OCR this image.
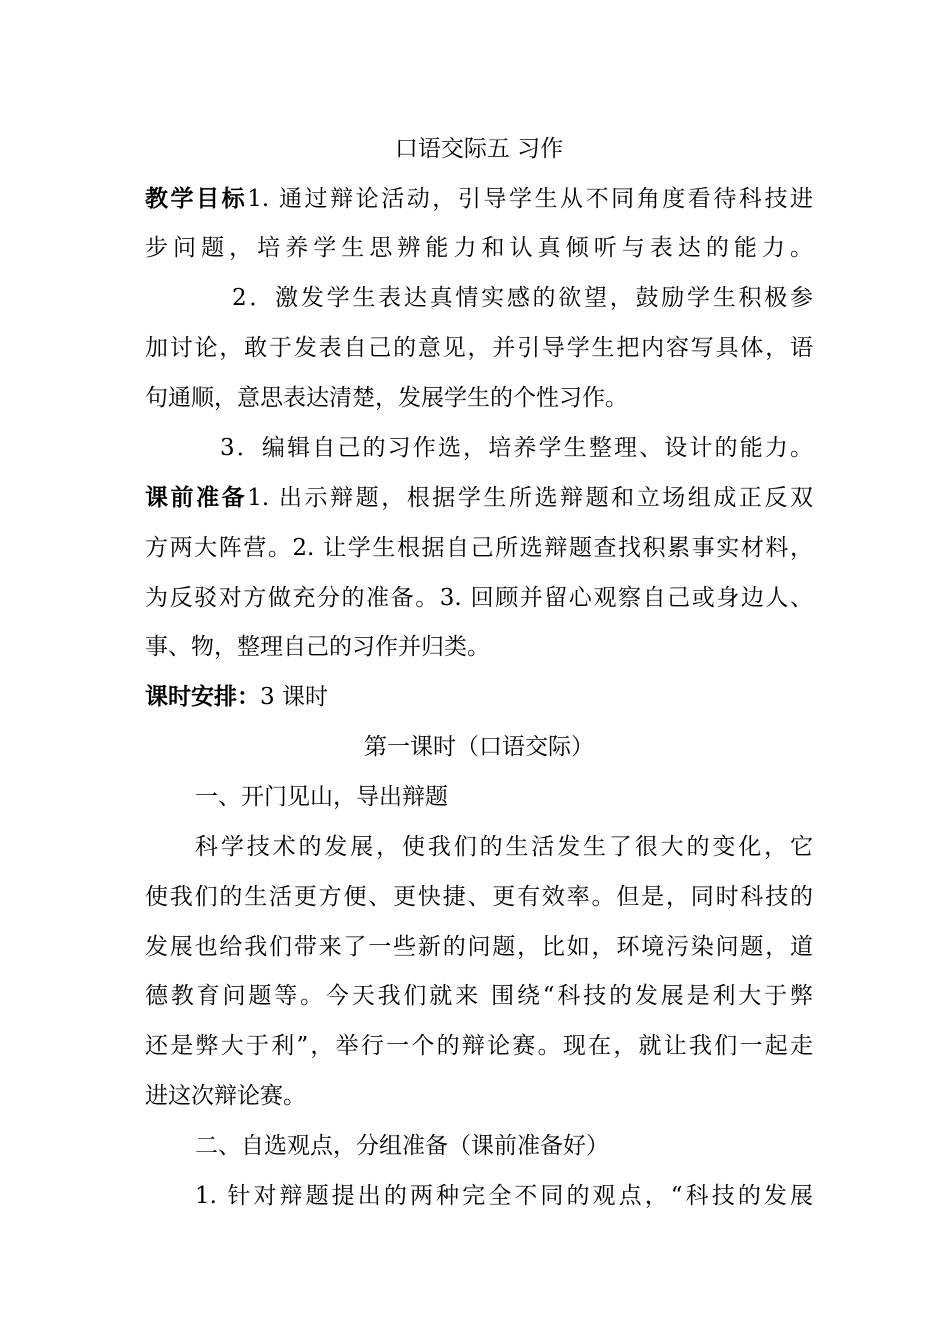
口语交际五 习作
教学目标1. 通过辩论活动，引导学生从不同角度看待科技进
步问题，培养学生思辨能力和认真倾听与表达的能力。
2．激发学生表达真情实感的欲望，鼓励学生积极参
加讨论，敢于发表自己的意见，并引导学生把内容写具体，语
句通顺，意思表达清楚，发展学生的个性习作。
3．编辑自己的习作选，培养学生整理、设计的能力。
课前准备1. 出示辩题，根据学生所选辩题和立场组成正反双
方两大阵营。2. 让学生根据自己所选辩题查找积累事实材料，
为反驳对方做充分的准备。3. 回顾并留心观察自己或身边人、
事、物，整理自己的习作并归类。
课时安排：3 课时
第一课时（口语交际）
一、开门见山，导出辩题
科学技术的发展，使我们的生活发生了很大的变化，它
使我们的生活更方便、更快捷、更有效率。但是，同时科技的
发展也给我们带来了一些新的问题，比如，环境污染问题，道
德教育问题等。今天我们就来 围绕“科技的发展是利大于弊
还是弊大于利”，举行一个的辩论赛。现在，就让我们一起走
进这次辩论赛。
二、自选观点，分组准备（课前准备好）
1. 针对辩题提出的两种完全不同的观点，“科技的发展
